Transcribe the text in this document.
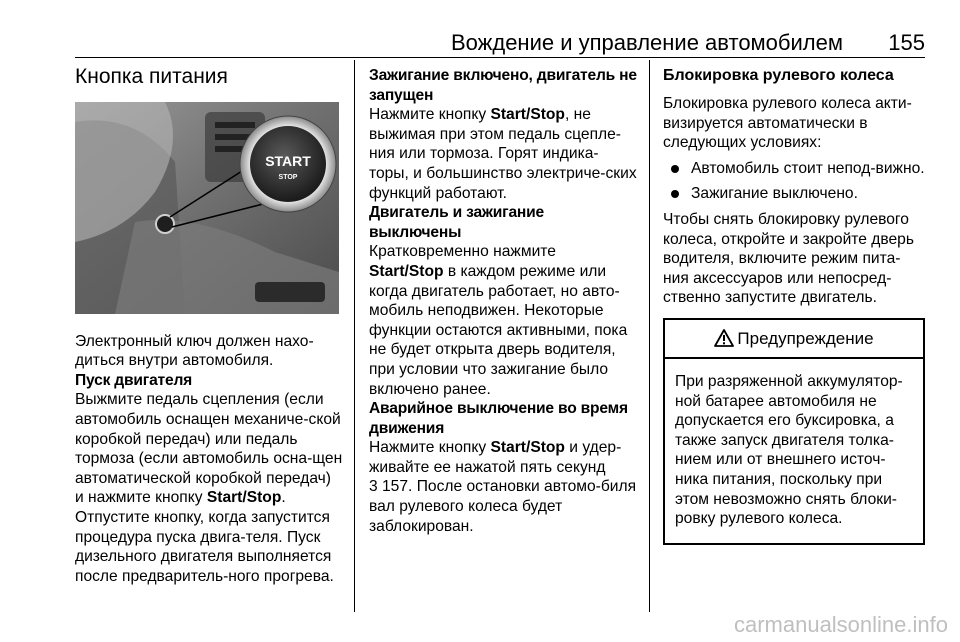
Вождение и управление автомобилем 155
Кнопка питания
START
STOP

Электронный ключ должен нахо-диться внутри автомобиля.

Пуск двигателя

Выжмите педаль сцепления (если автомобиль оснащен механиче-ской коробкой передач) или педаль тормоза (если автомобиль осна-щен автоматической коробкой передач) и нажмите кнопку Start/Stop. Отпустите кнопку, когда запустится процедура пуска двига-теля. Пуск дизельного двигателя выполняется после предваритель-ного прогрева.

Зажигание включено, двигатель не запущен

Нажмите кнопку Start/Stop, не выжимая при этом педаль сцепле-ния или тормоза. Горят индика-торы, и большинство электриче-ских функций работают.

Двигатель и зажигание выключены

Кратковременно нажмите
Start/Stop в каждом режиме или когда двигатель работает, но авто-мобиль неподвижен. Некоторые функции остаются активными, пока не будет открыта дверь водителя, при условии что зажигание было включено ранее.

Аварийное выключение во время движения

Нажмите кнопку Start/Stop и удер-живайте ее нажатой пять секунд
3 157. После остановки автомо-биля вал рулевого колеса будет заблокирован.

Блокировка рулевого колеса

Блокировка рулевого колеса акти-визируется автоматически в следующих условиях:

Автомобиль стоит непод-вижно.
Зажигание выключено.

Чтобы снять блокировку рулевого колеса, откройте и закройте дверь водителя, включите режим пита-ния аксессуаров или непосред-ственно запустите двигатель.

Предупреждение
При разряженной аккумулятор-ной батарее автомобиля не допускается его буксировка, а также запуск двигателя толка-нием или от внешнего источ-ника питания, поскольку при этом невозможно снять блоки-ровку рулевого колеса.
carmanualsonline.info
